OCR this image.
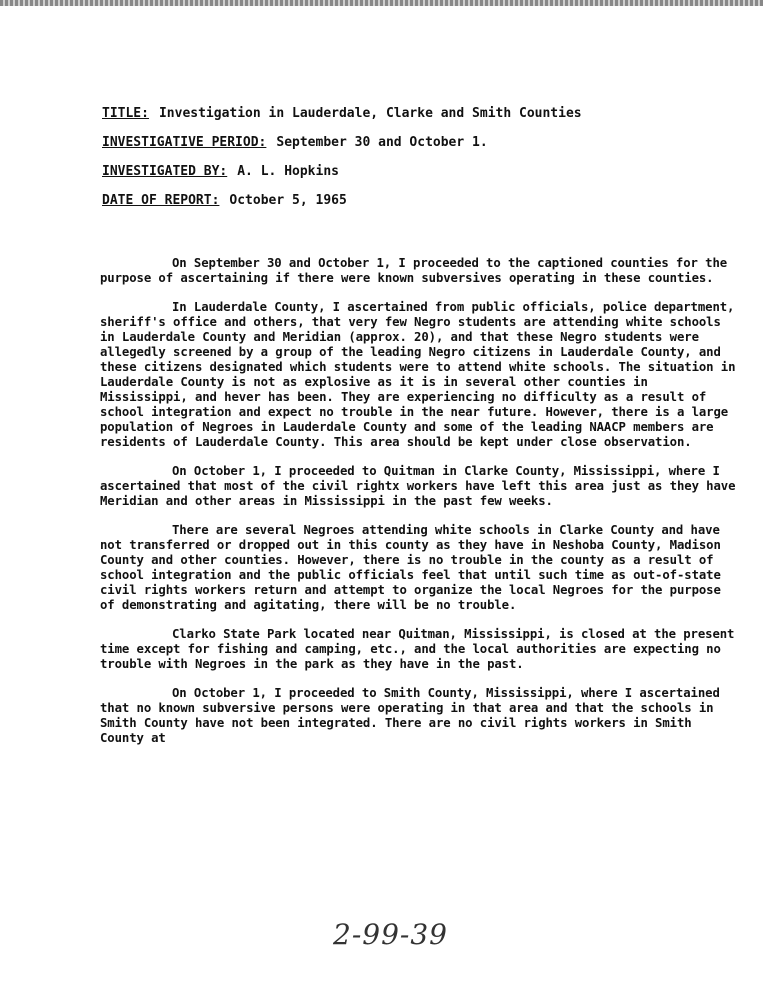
TITLE: Investigation in Lauderdale, Clarke and Smith Counties
INVESTIGATIVE PERIOD: September 30 and October 1.
INVESTIGATED BY: A. L. Hopkins
DATE OF REPORT: October 5, 1965

On September 30 and October 1, I proceeded to the captioned counties for the purpose of ascertaining if there were known subversives operating in these counties.

In Lauderdale County, I ascertained from public officials, police department, sheriff's office and others, that very few Negro students are attending white schools in Lauderdale County and Meridian (approx. 20), and that these Negro students were allegedly screened by a group of the leading Negro citizens in Lauderdale County, and these citizens designated which students were to attend white schools. The situation in Lauderdale County is not as explosive as it is in several other counties in Mississippi, and hever has been. They are experiencing no difficulty as a result of school integration and expect no trouble in the near future. However, there is a large population of Negroes in Lauderdale County and some of the leading NAACP members are residents of Lauderdale County. This area should be kept under close observation.

On October 1, I proceeded to Quitman in Clarke County, Mississippi, where I ascertained that most of the civil rightx workers have left this area just as they have Meridian and other areas in Mississippi in the past few weeks.

There are several Negroes attending white schools in Clarke County and have not transferred or dropped out in this county as they have in Neshoba County, Madison County and other counties. However, there is no trouble in the county as a result of school integration and the public officials feel that until such time as out-of-state civil rights workers return and attempt to organize the local Negroes for the purpose of demonstrating and agitating, there will be no trouble.

Clarko State Park located near Quitman, Mississippi, is closed at the present time except for fishing and camping, etc., and the local authorities are expecting no trouble with Negroes in the park as they have in the past.

On October 1, I proceeded to Smith County, Mississippi, where I ascertained that no known subversive persons were operating in that area and that the schools in Smith County have not been integrated. There are no civil rights workers in Smith County at

2-99-39
